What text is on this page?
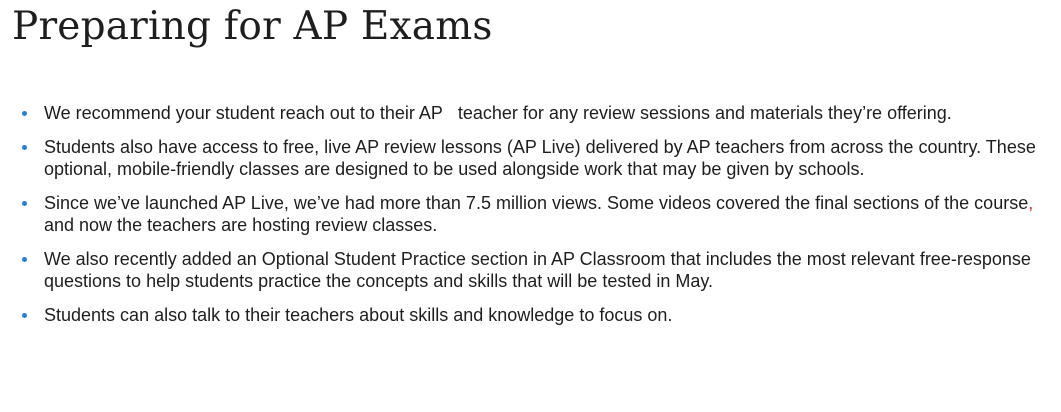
Preparing for AP Exams
We recommend your student reach out to their AP   teacher for any review sessions and materials they’re offering.
Students also have access to free, live AP review lessons (AP Live) delivered by AP teachers from across the country. These optional, mobile-friendly classes are designed to be used alongside work that may be given by schools.
Since we’ve launched AP Live, we’ve had more than 7.5 million views. Some videos covered the final sections of the course, and now the teachers are hosting review classes.
We also recently added an Optional Student Practice section in AP Classroom that includes the most relevant free-response questions to help students practice the concepts and skills that will be tested in May.
Students can also talk to their teachers about skills and knowledge to focus on.
